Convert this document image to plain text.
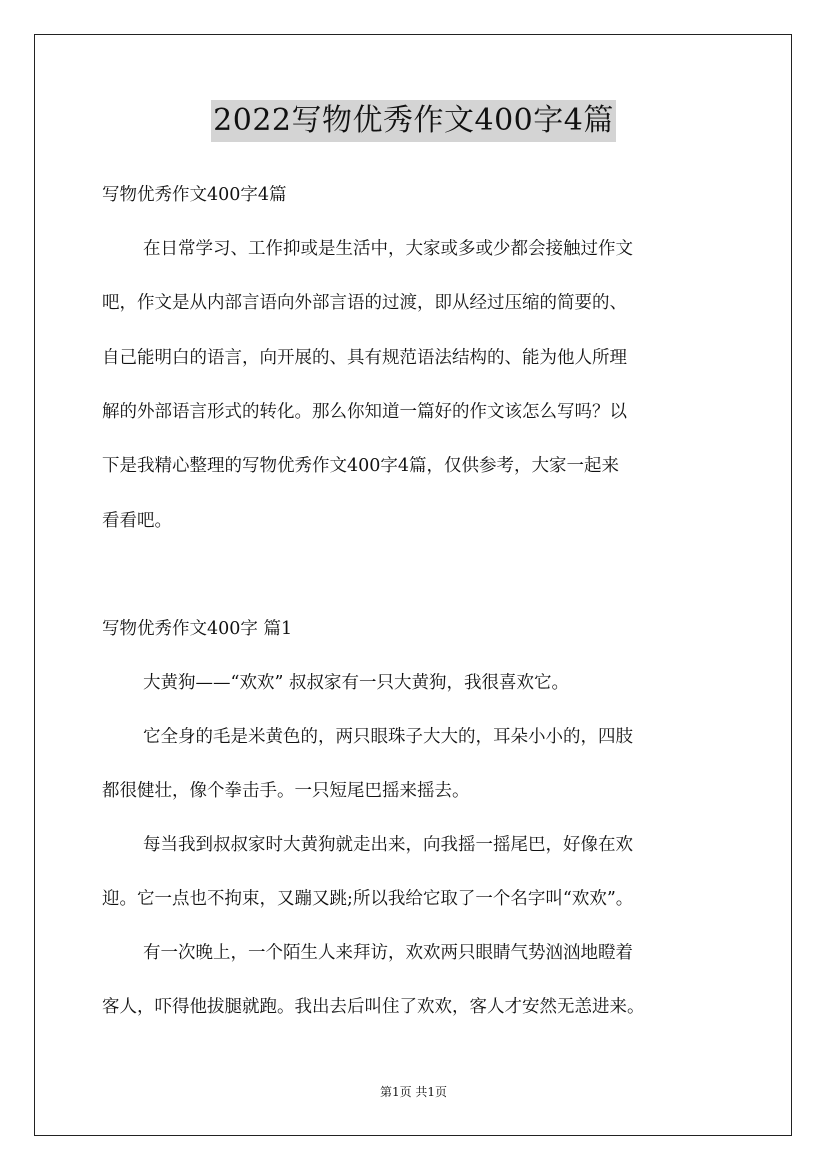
2022写物优秀作文400字4篇
写物优秀作文400字4篇
在日常学习、工作抑或是生活中，大家或多或少都会接触过作文
吧，作文是从内部言语向外部言语的过渡，即从经过压缩的简要的、
自己能明白的语言，向开展的、具有规范语法结构的、能为他人所理
解的外部语言形式的转化。那么你知道一篇好的作文该怎么写吗？以
下是我精心整理的写物优秀作文400字4篇，仅供参考，大家一起来
看看吧。
写物优秀作文400字 篇1
大黄狗——“欢欢” 叔叔家有一只大黄狗，我很喜欢它。
它全身的毛是米黄色的，两只眼珠子大大的，耳朵小小的，四肢
都很健壮，像个拳击手。一只短尾巴摇来摇去。
每当我到叔叔家时大黄狗就走出来，向我摇一摇尾巴，好像在欢
迎。它一点也不拘束，又蹦又跳;所以我给它取了一个名字叫“欢欢”。
有一次晚上，一个陌生人来拜访，欢欢两只眼睛气势汹汹地瞪着
客人，吓得他拔腿就跑。我出去后叫住了欢欢，客人才安然无恙进来。
第1页 共1页
